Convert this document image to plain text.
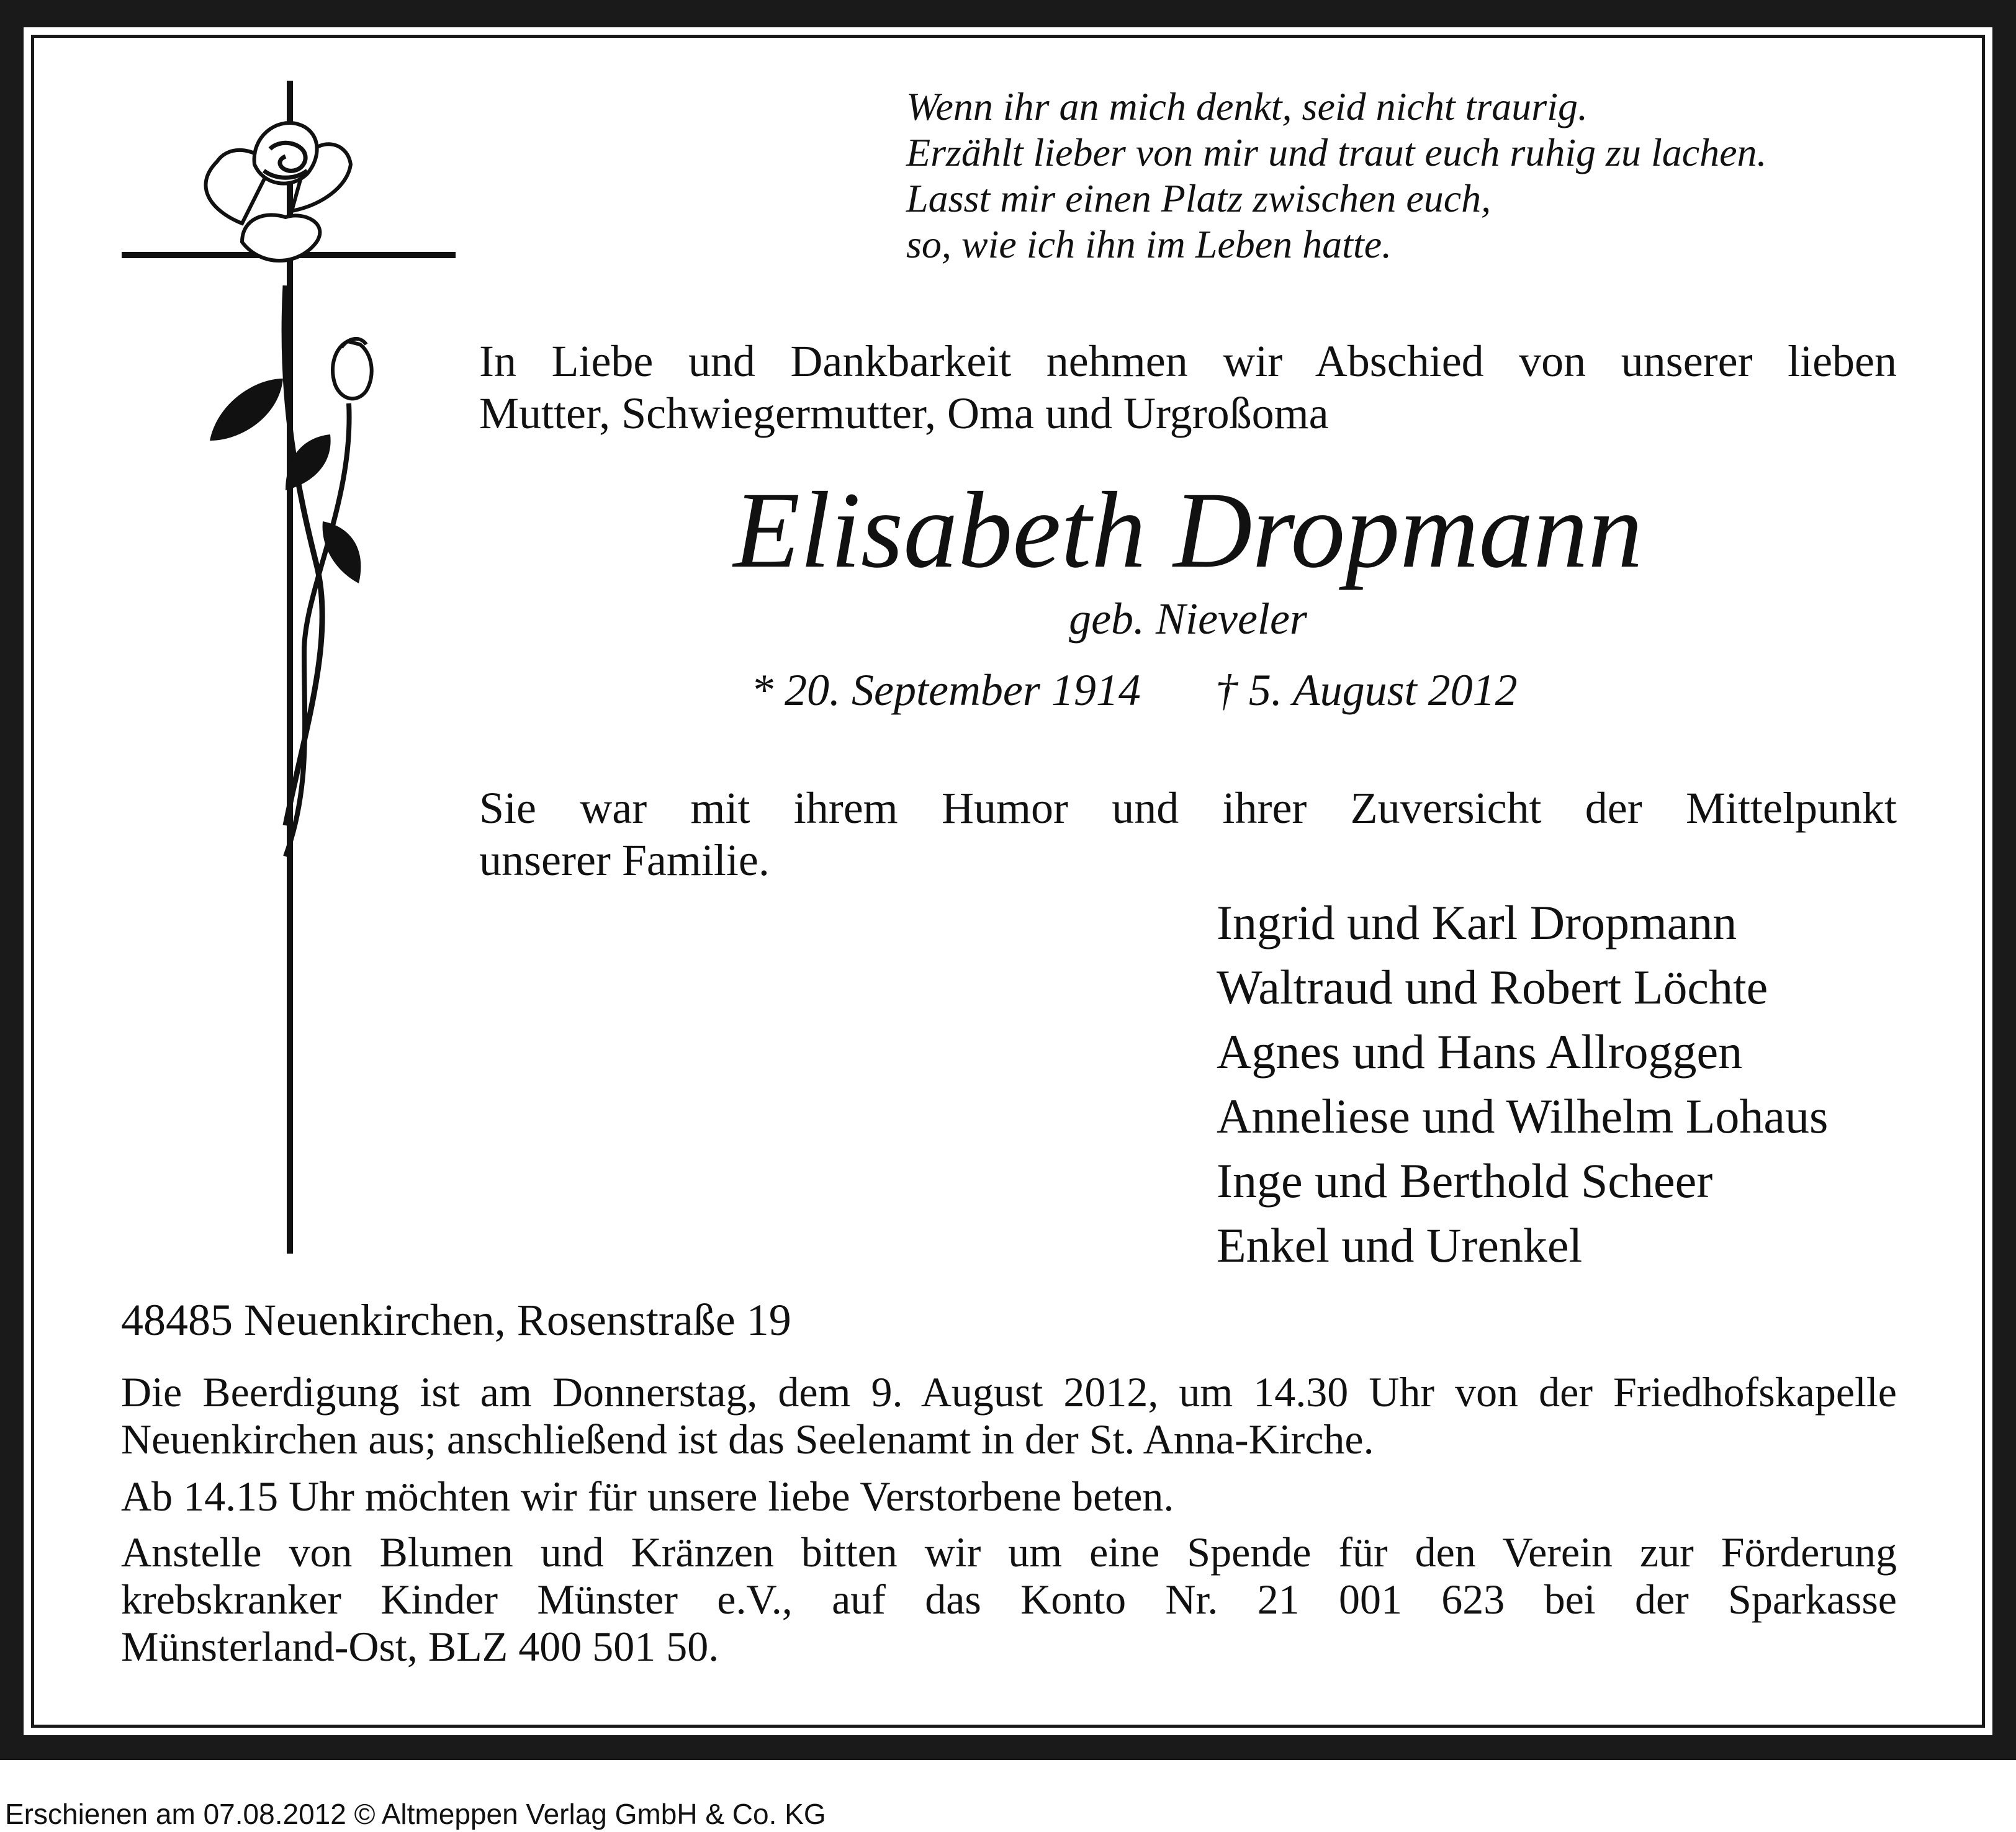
Wenn ihr an mich denkt, seid nicht traurig.
Erzählt lieber von mir und traut euch ruhig zu lachen.
Lasst mir einen Platz zwischen euch,
so, wie ich ihn im Leben hatte.
In Liebe und Dankbarkeit nehmen wir Abschied von unserer lieben
Mutter, Schwiegermutter, Oma und Urgroßoma
Elisabeth Dropmann
geb. Nieveler
* 20. September 1914 † 5. August 2012
Sie war mit ihrem Humor und ihrer Zuversicht der Mittelpunkt
unserer Familie.
Ingrid und Karl Dropmann
Waltraud und Robert Löchte
Agnes und Hans Allroggen
Anneliese und Wilhelm Lohaus
Inge und Berthold Scheer
Enkel und Urenkel
48485 Neuenkirchen, Rosenstraße 19
Die Beerdigung ist am Donnerstag, dem 9. August 2012, um 14.30 Uhr von der Friedhofskapelle
Neuenkirchen aus; anschließend ist das Seelenamt in der St. Anna-Kirche.
Ab 14.15 Uhr möchten wir für unsere liebe Verstorbene beten.
Anstelle von Blumen und Kränzen bitten wir um eine Spende für den Verein zur Förderung
krebskranker Kinder Münster e.V., auf das Konto Nr. 21 001 623 bei der Sparkasse
Münsterland-Ost, BLZ 400 501 50.
Erschienen am 07.08.2012 © Altmeppen Verlag GmbH & Co. KG
